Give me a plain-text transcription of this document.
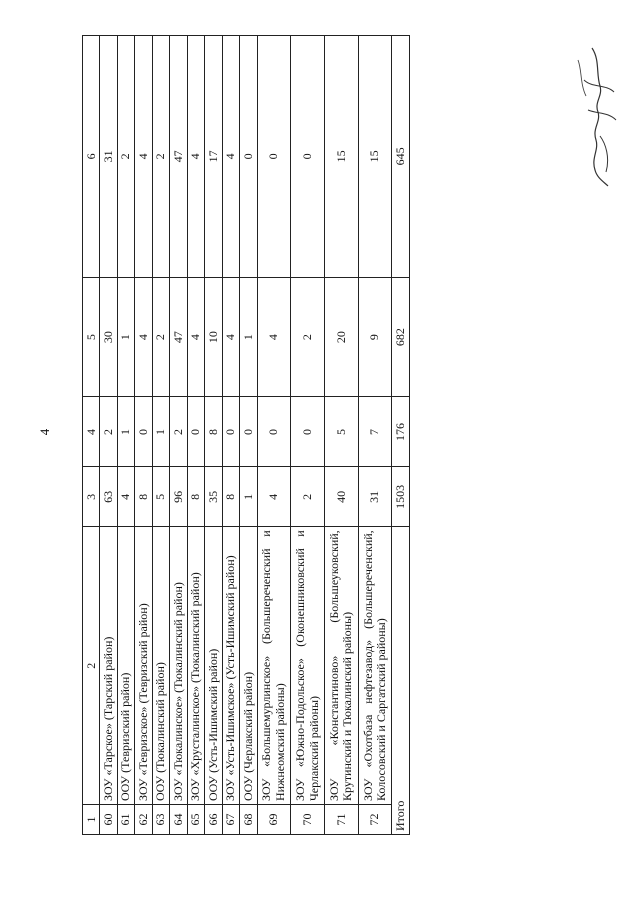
4
1	2	3	4	5	6
60	ЗОУ «Тарское» (Тарский район)	63	2	30	31
61	ООУ (Тевризский район)	4	1	1	2
62	ЗОУ «Тевризское» (Тевризский район)	8	0	4	4
63	ООУ (Тюкалинский район)	5	1	2	2
64	ЗОУ «Тюкалинское» (Тюкалинский район)	96	2	47	47
65	ЗОУ «Хрусталинское» (Тюкалинский район)	8	0	4	4
66	ООУ (Усть-Ишимский район)	35	8	10	17
67	ЗОУ «Усть-Ишимское» (Усть-Ишимский район)	8	0	4	4
68	ООУ (Черлакский район)	1	0	1	0
69	ЗОУ «Большемурлинское» (Большереченский и Нижнеомский районы)	4	0	4	0
70	ЗОУ «Южно-Подольское» (Оконешниковский и Черлакский районы)	2	0	2	0
71	ЗОУ «Константиново» (Большеуковский, Крутинский и Тюкалинский районы)	40	5	20	15
72	ЗОУ «Охотбаза нефтезавод» (Большереченский, Колосовский и Саргатский районы)	31	7	9	15
Итого		1503	176	682	645
